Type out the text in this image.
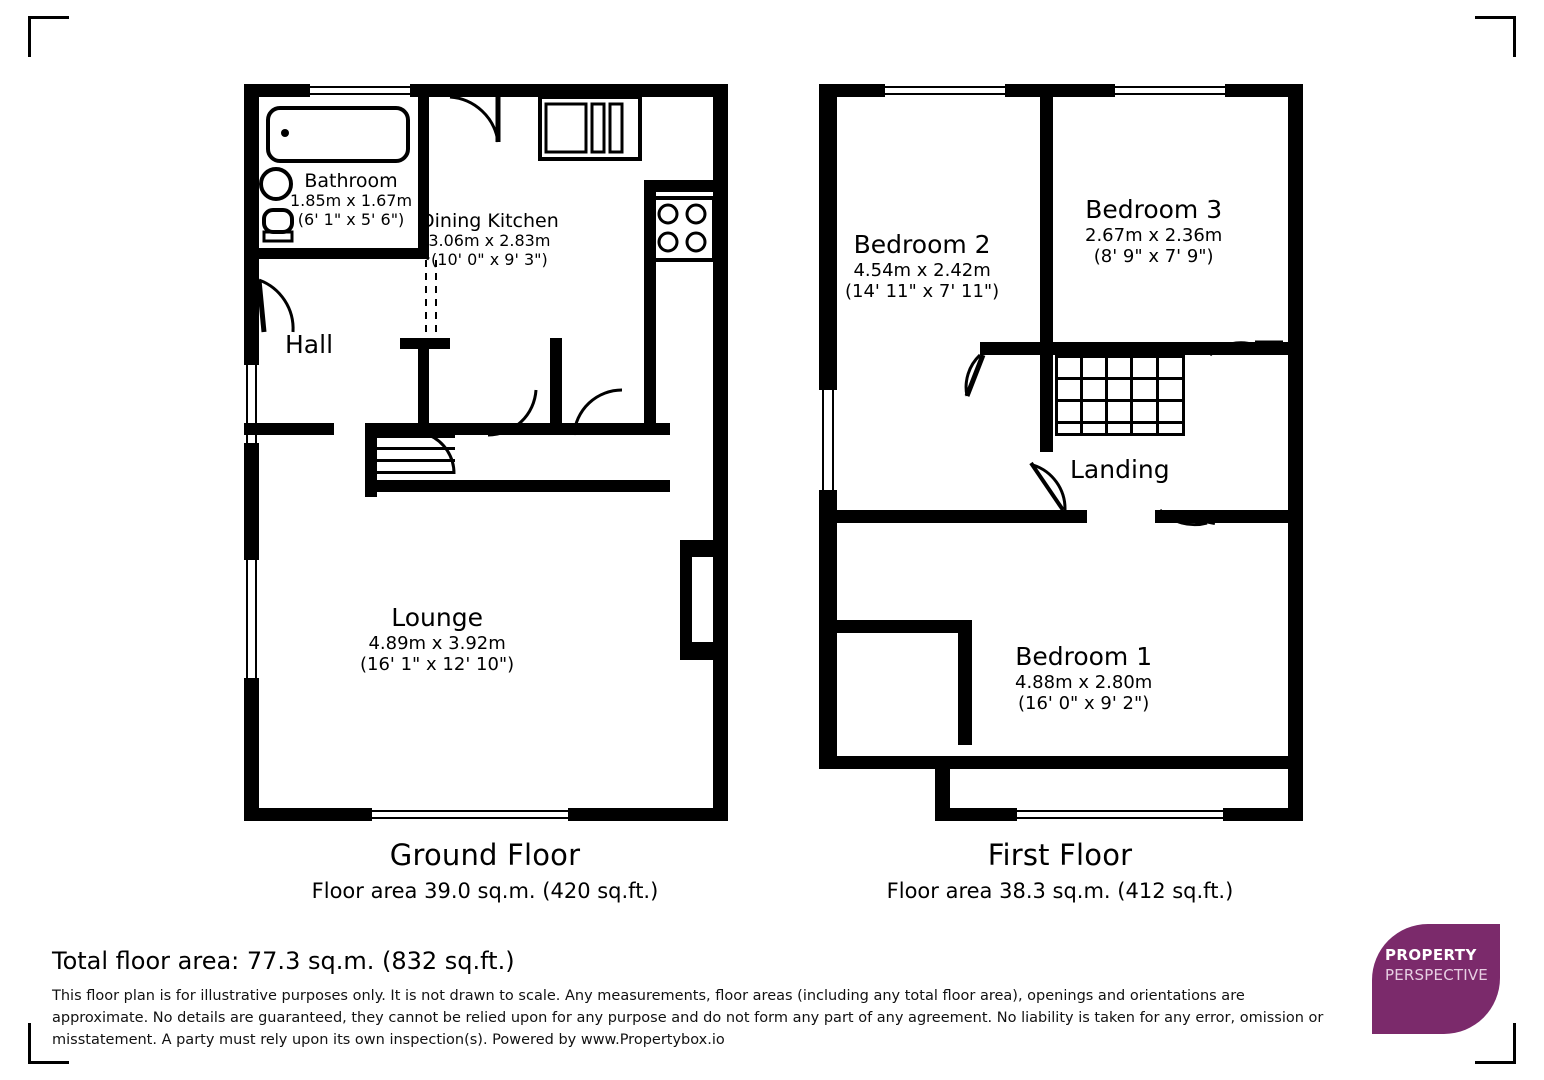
Bathroom
1.85m x 1.67m
(6' 1" x 5' 6") Dining Kitchen
3.06m x 2.83m
(10' 0" x 9' 3")
Hall
Lounge
4.89m x 3.92m
(16' 1" x 12' 10")
Ground Floor
Floor area 39.0 sq.m. (420 sq.ft.)
Bedroom 2
4.54m x 2.42m
(14' 11" x 7' 11")
Bedroom 3
2.67m x 2.36m
(8' 9" x 7' 9")
Landing
Bedroom 1
4.88m x 2.80m
(16' 0" x 9' 2")
First Floor
Floor area 38.3 sq.m. (412 sq.ft.)
Total floor area: 77.3 sq.m. (832 sq.ft.)
This floor plan is for illustrative purposes only. It is not drawn to scale. Any measurements, floor areas (including any total floor area), openings and orientations are approximate. No details are guaranteed, they cannot be relied upon for any purpose and do not form any part of any agreement. No liability is taken for any error, omission or misstatement. A party must rely upon its own inspection(s). Powered by www.Propertybox.io
PROPERTY
PERSPECTIVE
